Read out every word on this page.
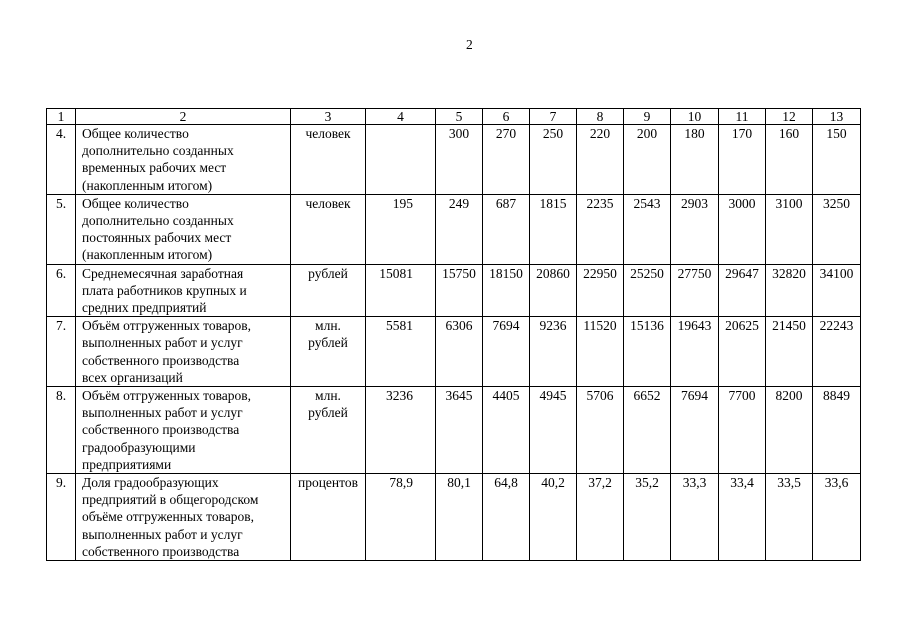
2
1	2	3	4	5	6	7	8	9	10	11	12	13
4.	Общее количество
дополнительно созданных
временных рабочих мест
(накопленным итогом)	человек		300	270	250	220	200	180	170	160	150
5.	Общее количество
дополнительно созданных
постоянных рабочих мест
(накопленным итогом)	человек	195	249	687	1815	2235	2543	2903	3000	3100	3250
6.	Среднемесячная заработная
плата работников крупных и
средних предприятий	рублей	15081	15750	18150	20860	22950	25250	27750	29647	32820	34100
7.	Объём отгруженных товаров,
выполненных работ и услуг
собственного производства
всех организаций	млн.
рублей	5581	6306	7694	9236	11520	15136	19643	20625	21450	22243
8.	Объём отгруженных товаров,
выполненных работ и услуг
собственного производства
градообразующими
предприятиями	млн.
рублей	3236	3645	4405	4945	5706	6652	7694	7700	8200	8849
9.	Доля градообразующих
предприятий в общегородском
объёме отгруженных товаров,
выполненных работ и услуг
собственного производства	процентов	78,9	80,1	64,8	40,2	37,2	35,2	33,3	33,4	33,5	33,6
